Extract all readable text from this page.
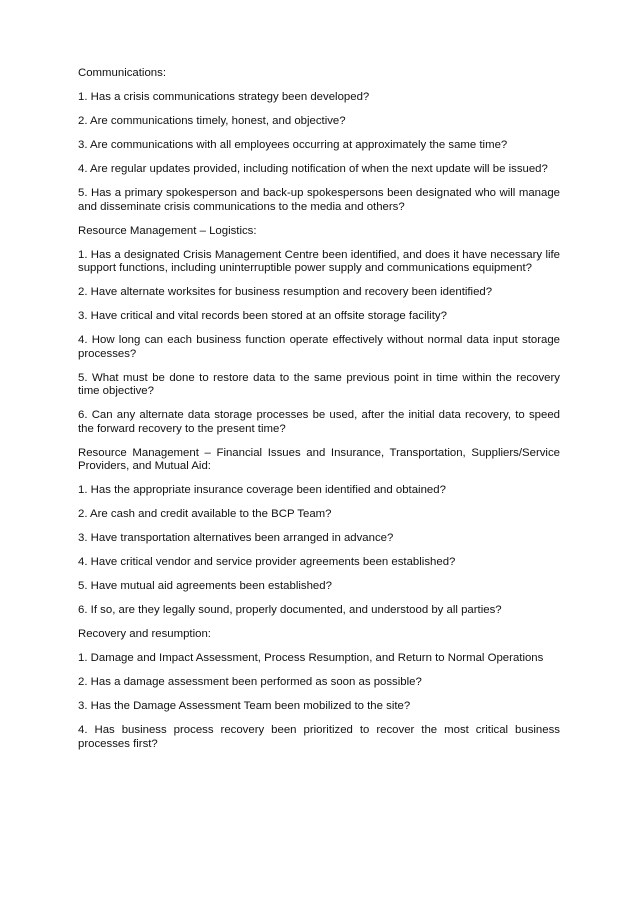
Communications:

1. Has a crisis communications strategy been developed?

2. Are communications timely, honest, and objective?

3. Are communications with all employees occurring at approximately the same time?

4. Are regular updates provided, including notification of when the next update will be issued?

5. Has a primary spokesperson and back-up spokespersons been designated who will manage and disseminate crisis communications to the media and others?

Resource Management – Logistics:

1. Has a designated Crisis Management Centre been identified, and does it have necessary life support functions, including uninterruptible power supply and communications equipment?

2. Have alternate worksites for business resumption and recovery been identified?

3. Have critical and vital records been stored at an offsite storage facility?

4. How long can each business function operate effectively without normal data input storage processes?

5. What must be done to restore data to the same previous point in time within the recovery time objective?

6. Can any alternate data storage processes be used, after the initial data recovery, to speed the forward recovery to the present time?

Resource Management – Financial Issues and Insurance, Transportation, Suppliers/Service Providers, and Mutual Aid:

1. Has the appropriate insurance coverage been identified and obtained?

2. Are cash and credit available to the BCP Team?

3. Have transportation alternatives been arranged in advance?

4. Have critical vendor and service provider agreements been established?

5. Have mutual aid agreements been established?

6. If so, are they legally sound, properly documented, and understood by all parties?

Recovery and resumption:

1. Damage and Impact Assessment, Process Resumption, and Return to Normal Operations

2. Has a damage assessment been performed as soon as possible?

3. Has the Damage Assessment Team been mobilized to the site?

4. Has business process recovery been prioritized to recover the most critical business processes first?
